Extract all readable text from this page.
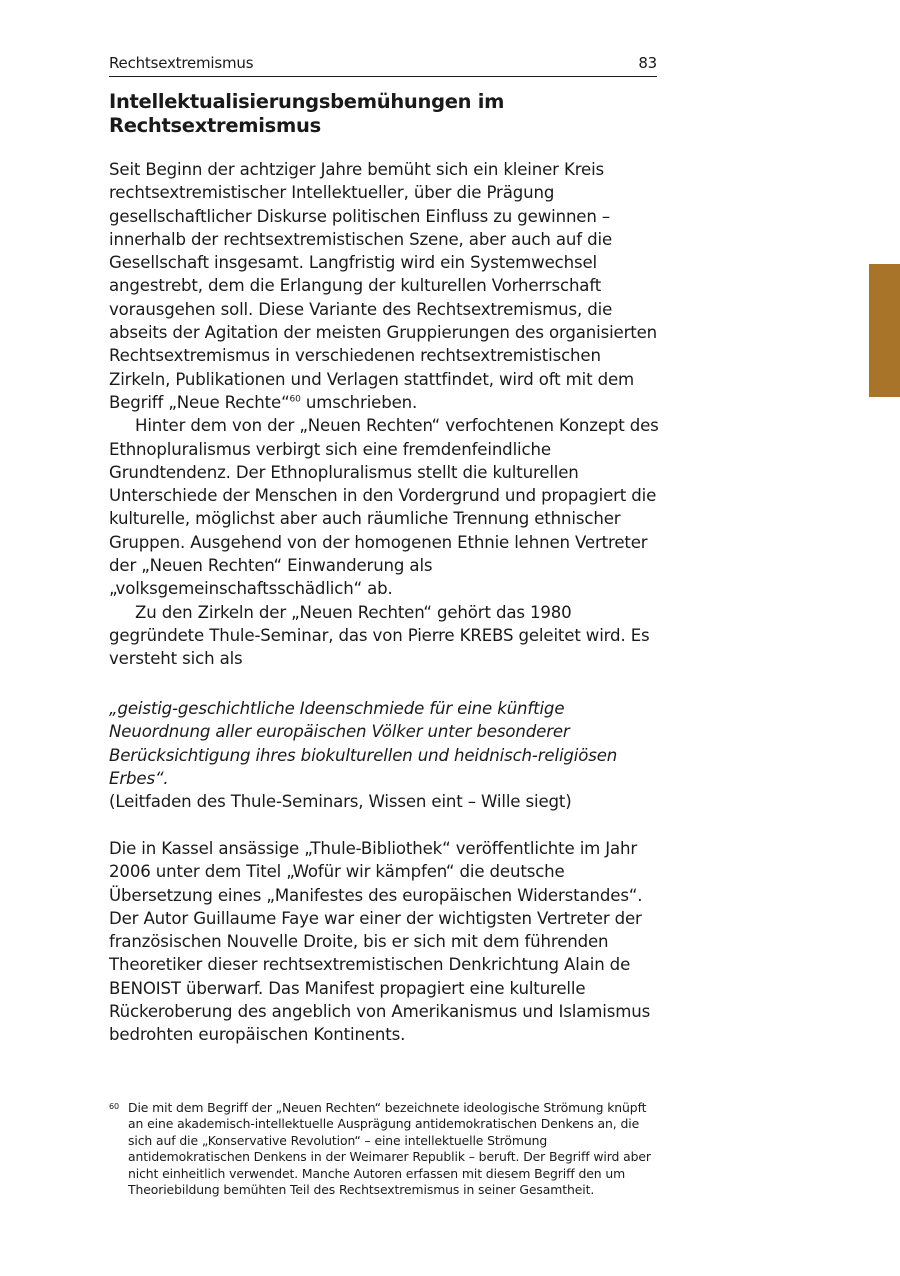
Rechtsextremismus	83
Intellektualisierungsbemühungen im Rechtsextremismus

Seit Beginn der achtziger Jahre bemüht sich ein kleiner Kreis rechtsextremistischer Intellektueller, über die Prägung gesellschaftlicher Diskurse politischen Einfluss zu gewinnen – innerhalb der rechtsextremistischen Szene, aber auch auf die Gesellschaft insgesamt. Langfristig wird ein Systemwechsel angestrebt, dem die Erlangung der kulturellen Vorherrschaft vorausgehen soll. Diese Variante des Rechtsextremismus, die abseits der Agitation der meisten Gruppierungen des organisierten Rechtsextremismus in verschiedenen rechtsextremistischen Zirkeln, Publikationen und Verlagen stattfindet, wird oft mit dem Begriff „Neue Rechte“$^{60}$ umschrieben.

Hinter dem von der „Neuen Rechten“ verfochtenen Konzept des Ethnopluralismus verbirgt sich eine fremdenfeindliche Grundtendenz. Der Ethnopluralismus stellt die kulturellen Unterschiede der Menschen in den Vordergrund und propagiert die kulturelle, möglichst aber auch räumliche Trennung ethnischer Gruppen. Ausgehend von der homogenen Ethnie lehnen Vertreter der „Neuen Rechten“ Einwanderung als „volksgemeinschaftsschädlich“ ab.

Zu den Zirkeln der „Neuen Rechten“ gehört das 1980 gegründete Thule-Seminar, das von Pierre KREBS geleitet wird. Es versteht sich als

„geistig-geschichtliche Ideenschmiede für eine künftige Neuordnung aller europäischen Völker unter besonderer Berücksichtigung ihres biokulturellen und heidnisch-religiösen Erbes“.

(Leitfaden des Thule-Seminars, Wissen eint – Wille siegt)

Die in Kassel ansässige „Thule-Bibliothek“ veröffentlichte im Jahr 2006 unter dem Titel „Wofür wir kämpfen“ die deutsche Übersetzung eines „Manifestes des europäischen Widerstandes“. Der Autor Guillaume Faye war einer der wichtigsten Vertreter der französischen Nouvelle Droite, bis er sich mit dem führenden Theoretiker dieser rechtsextremistischen Denkrichtung Alain de BENOIST überwarf. Das Manifest propagiert eine kulturelle Rückeroberung des angeblich von Amerikanismus und Islamismus bedrohten europäischen Kontinents.

60 Die mit dem Begriff der „Neuen Rechten“ bezeichnete ideologische Strömung knüpft an eine akademisch-intellektuelle Ausprägung antidemokratischen Denkens an, die sich auf die „Konservative Revolution“ – eine intellektuelle Strömung antidemokratischen Denkens in der Weimarer Republik – beruft. Der Begriff wird aber nicht einheitlich verwendet. Manche Autoren erfassen mit diesem Begriff den um Theoriebildung bemühten Teil des Rechtsextremismus in seiner Gesamtheit.
